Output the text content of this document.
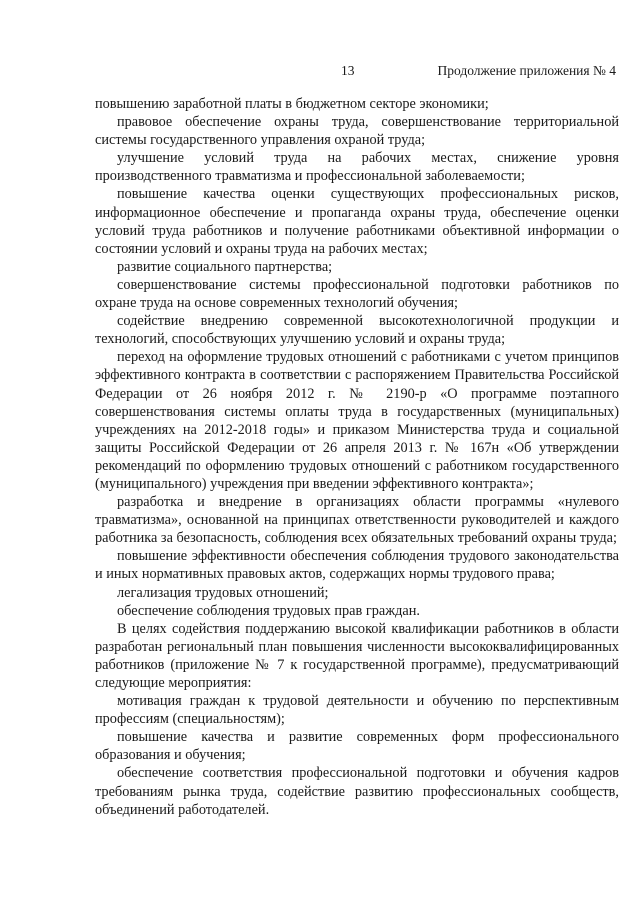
13	Продолжение приложения № 4

повышению заработной платы в бюджетном секторе экономики;

правовое обеспечение охраны труда, совершенствование территориальной системы государственного управления охраной труда;

улучшение условий труда на рабочих местах, снижение уровня производственного травматизма и профессиональной заболеваемости;

повышение качества оценки существующих профессиональных рисков, информационное обеспечение и пропаганда охраны труда, обеспечение оценки условий труда работников и получение работниками объективной информации о состоянии условий и охраны труда на рабочих местах;

развитие социального партнерства;

совершенствование системы профессиональной подготовки работников по охране труда на основе современных технологий обучения;

содействие внедрению современной высокотехнологичной продукции и технологий, способствующих улучшению условий и охраны труда;

переход на оформление трудовых отношений с работниками с учетом принципов эффективного контракта в соответствии с распоряжением Правительства Российской Федерации от 26 ноября 2012 г. № 2190-р «О программе поэтапного совершенствования системы оплаты труда в государственных (муниципальных) учреждениях на 2012-2018 годы» и приказом Министерства труда и социальной защиты Российской Федерации от 26 апреля 2013 г. № 167н «Об утверждении рекомендаций по оформлению трудовых отношений с работником государственного (муниципального) учреждения при введении эффективного контракта»;

разработка и внедрение в организациях области программы «нулевого травматизма», основанной на принципах ответственности руководителей и каждого работника за безопасность, соблюдения всех обязательных требований охраны труда;

повышение эффективности обеспечения соблюдения трудового законодательства и иных нормативных правовых актов, содержащих нормы трудового права;

легализация трудовых отношений;

обеспечение соблюдения трудовых прав граждан.

В целях содействия поддержанию высокой квалификации работников в области разработан региональный план повышения численности высококвалифицированных работников (приложение № 7 к государственной программе), предусматривающий следующие мероприятия:

мотивация граждан к трудовой деятельности и обучению по перспективным профессиям (специальностям);

повышение качества и развитие современных форм профессионального образования и обучения;

обеспечение соответствия профессиональной подготовки и обучения кадров требованиям рынка труда, содействие развитию профессиональных сообществ, объединений работодателей.
